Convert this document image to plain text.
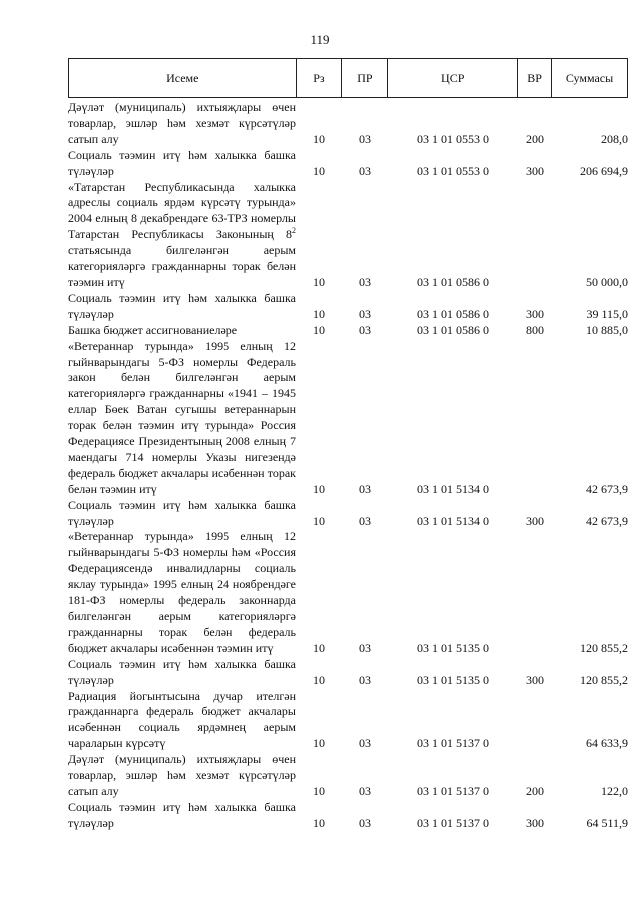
119
Исеме	Рз	ПР	ЦСР	ВР	Суммасы
Дәүләт (муниципаль) ихтыяҗлары өчен товарлар, эшләр һәм хезмәт күрсәтүләр сатып алу	10	03	03 1 01 0553 0	200	208,0
Социаль тәэмин итү һәм халыкка башка түләүләр	10	03	03 1 01 0553 0	300	206 694,9
«Татарстан Республикасында халыкка адреслы социаль ярдәм күрсәтү турында» 2004 елның 8 декабрендәге 63-ТРЗ номерлы Татарстан Республикасы Законының $8^2$ статьясында билгеләнгән аерым категорияләргә гражданнарны торак белән тәэмин итү	10	03	03 1 01 0586 0		50 000,0
Социаль тәэмин итү һәм халыкка башка түләүләр	10	03	03 1 01 0586 0	300	39 115,0
Башка бюджет ассигнованиеләре	10	03	03 1 01 0586 0	800	10 885,0
«Ветераннар турында» 1995 елның 12 гыйнварындагы 5-ФЗ номерлы Федераль закон белән билгеләнгән аерым категорияләргә гражданнарны «1941 – 1945 еллар Бөек Ватан сугышы ветераннарын торак белән тәэмин итү турында» Россия Федерациясе Президентының 2008 елның 7 маендагы 714 номерлы Указы нигезендә федераль бюджет акчалары исәбеннән торак белән тәэмин итү	10	03	03 1 01 5134 0		42 673,9
Социаль тәэмин итү һәм халыкка башка түләүләр	10	03	03 1 01 5134 0	300	42 673,9
«Ветераннар турында» 1995 елның 12 гыйнварындагы 5-ФЗ номерлы һәм «Россия Федерациясендә инвалидларны социаль яклау турында» 1995 елның 24 ноябрендәге 181-ФЗ номерлы федераль законнарда билгеләнгән аерым категорияләргә гражданнарны торак белән федераль бюджет акчалары исәбеннән тәэмин итү	10	03	03 1 01 5135 0		120 855,2
Социаль тәэмин итү һәм халыкка башка түләүләр	10	03	03 1 01 5135 0	300	120 855,2
Радиация йогынтысына дучар ителгән гражданнарга федераль бюджет акчалары исәбеннән социаль ярдәмнең аерым чараларын күрсәтү	10	03	03 1 01 5137 0		64 633,9
Дәүләт (муниципаль) ихтыяҗлары өчен товарлар, эшләр һәм хезмәт күрсәтүләр сатып алу	10	03	03 1 01 5137 0	200	122,0
Социаль тәэмин итү һәм халыкка башка түләүләр	10	03	03 1 01 5137 0	300	64 511,9
